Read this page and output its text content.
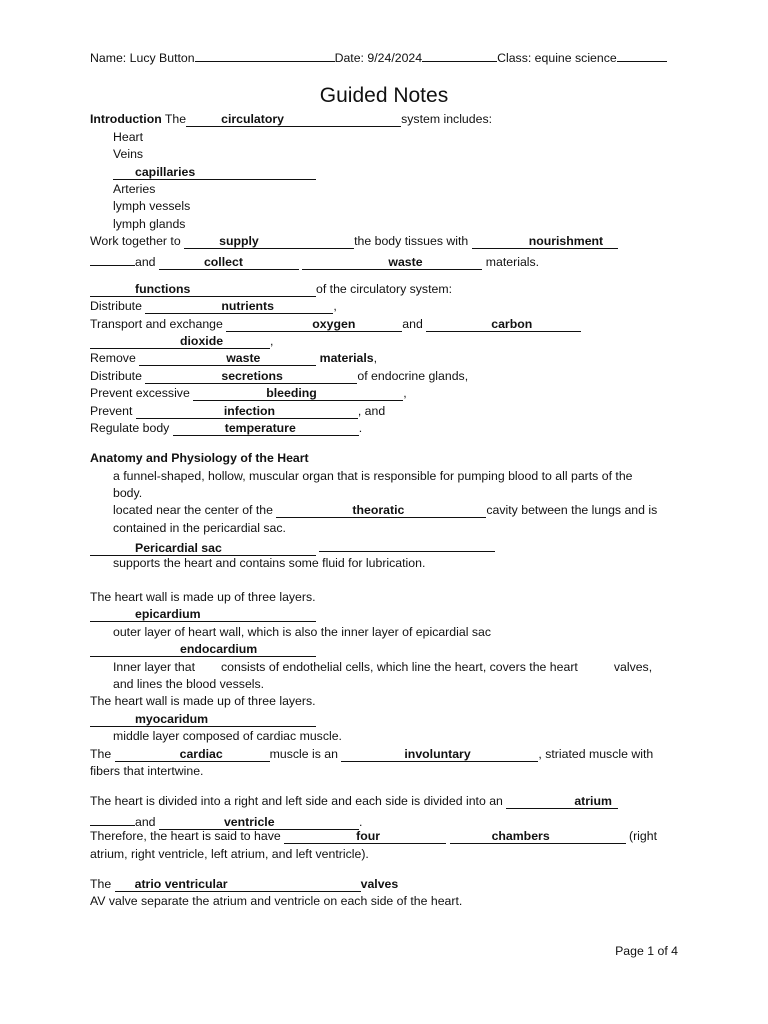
Name: Lucy Button	Date: 9/24/2024	Class: equine science
Guided Notes
Introduction The	circulatory	system includes:
Heart
Veins
capillaries
Arteries
lymph vessels
lymph glands
Work together to	supply	the body tissues with	nourishment
and	collect	waste	materials.
functions	of the circulatory system:
Distribute	nutrients	,
Transport and exchange	oxygen	and	carbon
dioxide	,
Remove	waste	materials,
Distribute	secretions	of endocrine glands,
Prevent excessive	bleeding	,
Prevent	infection	, and
Regulate body	temperature	.
Anatomy and Physiology of the Heart
a funnel-shaped, hollow, muscular organ that is responsible for pumping blood to all parts of the
body.
located near the center of the	theoratic	cavity between the lungs and is
contained in the pericardial sac.
Pericardial sac
supports the heart and contains some fluid for lubrication.
The heart wall is made up of three layers.
epicardium
outer layer of heart wall, which is also the inner layer of epicardial sac
endocardium
Inner layer that consists of endothelial cells, which line the heart, covers the heart	valves,
and lines the blood vessels.
The heart wall is made up of three layers.
myocaridum
middle layer composed of cardiac muscle.
The	cardiac	muscle is an	involuntary	, striated muscle with
fibers that intertwine.
The heart is divided into a right and left side and each side is divided into an	atrium
and	ventricle	.
Therefore, the heart is said to have	four	chambers	(right
atrium, right ventricle, left atrium, and left ventricle).
The atrio ventricular	valves
AV valve separate the atrium and ventricle on each side of the heart.
Page 1 of 4
